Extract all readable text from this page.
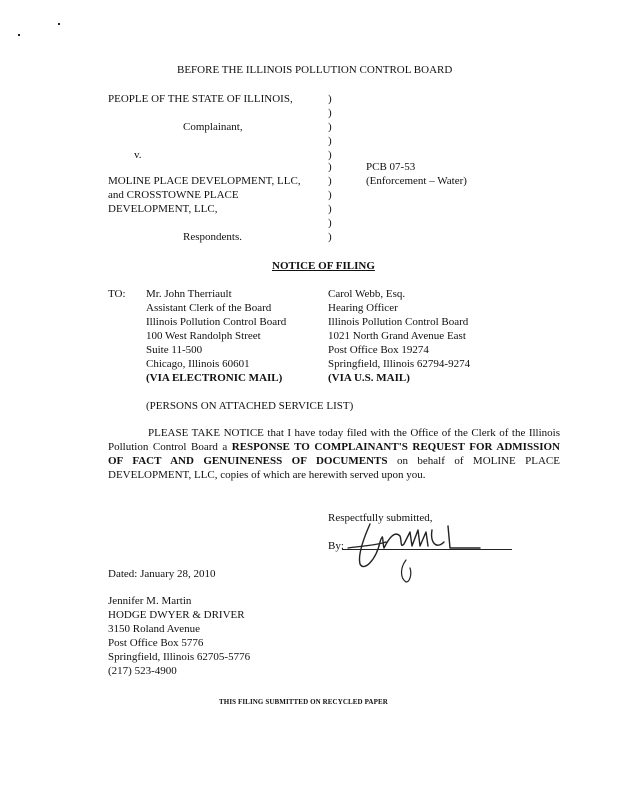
BEFORE THE ILLINOIS POLLUTION CONTROL BOARD
PEOPLE OF THE STATE OF ILLINOIS,
Complainant,
v.
MOLINE PLACE DEVELOPMENT, LLC,
and CROSSTOWNE PLACE
DEVELOPMENT, LLC,
Respondents.
)
)
)
)
)
)
)
)
)
)
)
PCB 07-53
(Enforcement – Water)
NOTICE OF FILING
TO: Mr. John Therriault
Assistant Clerk of the Board
Illinois Pollution Control Board
100 West Randolph Street
Suite 11-500
Chicago, Illinois 60601
(VIA ELECTRONIC MAIL)
Carol Webb, Esq.
Hearing Officer
Illinois Pollution Control Board
1021 North Grand Avenue East
Post Office Box 19274
Springfield, Illinois 62794-9274
(VIA U.S. MAIL)
(PERSONS ON ATTACHED SERVICE LIST)
PLEASE TAKE NOTICE that I have today filed with the Office of the Clerk of the Illinois Pollution Control Board a RESPONSE TO COMPLAINANT'S REQUEST FOR ADMISSION OF FACT AND GENUINENESS OF DOCUMENTS on behalf of MOLINE PLACE DEVELOPMENT, LLC, copies of which are herewith served upon you.
Respectfully submitted,
By:
Dated: January 28, 2010
Jennifer M. Martin
HODGE DWYER & DRIVER
3150 Roland Avenue
Post Office Box 5776
Springfield, Illinois 62705-5776
(217) 523-4900
THIS FILING SUBMITTED ON RECYCLED PAPER
